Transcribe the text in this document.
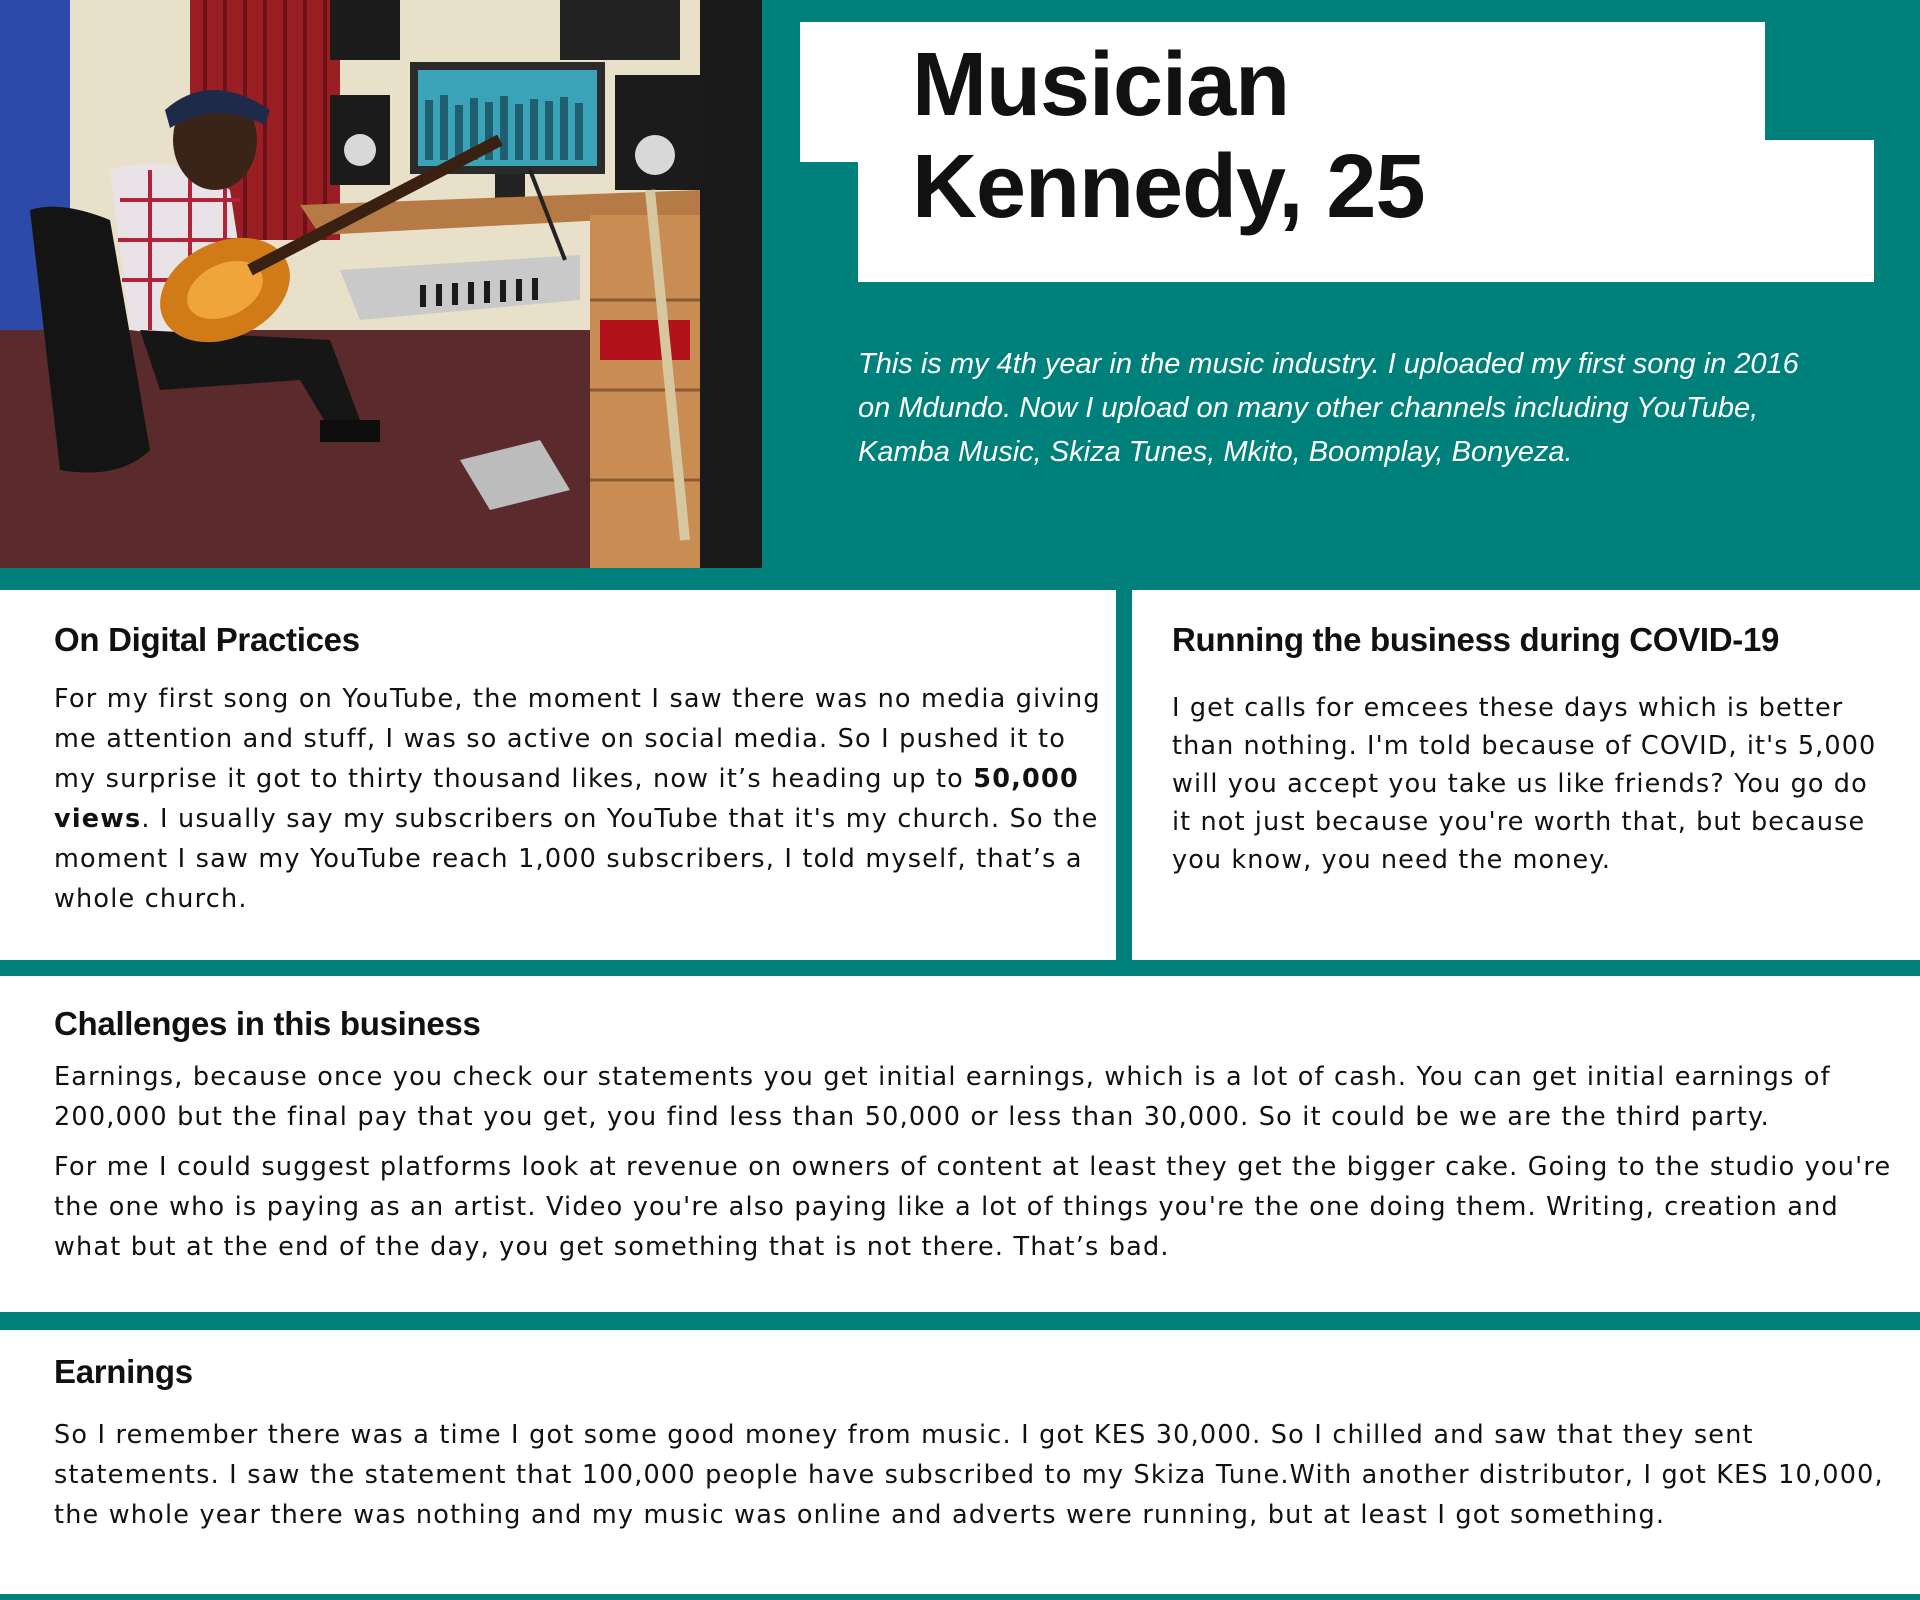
Musician
Kennedy, 25

This is my 4th year in the music industry. I uploaded my first song in 2016 on Mdundo. Now I upload on many other channels including YouTube, Kamba Music, Skiza Tunes, Mkito, Boomplay, Bonyeza.

On Digital Practices

For my first song on YouTube, the moment I saw there was no media giving me attention and stuff, I was so active on social media. So I pushed it to my surprise it got to thirty thousand likes, now it’s heading up to 50,000 views. I usually say my subscribers on YouTube that it's my church. So the moment I saw my YouTube reach 1,000 subscribers, I told myself, that’s a whole church.

Running the business during COVID-19

I get calls for emcees these days which is better than nothing. I'm told because of COVID, it's 5,000 will you accept you take us like friends? You go do it not just because you're worth that, but because you know, you need the money.

Challenges in this business

Earnings, because once you check our statements you get initial earnings, which is a lot of cash. You can get initial earnings of 200,000 but the final pay that you get, you find less than 50,000 or less than 30,000. So it could be we are the third party.

For me I could suggest platforms look at revenue on owners of content at least they get the bigger cake. Going to the studio you're the one who is paying as an artist. Video you're also paying like a lot of things you're the one doing them. Writing, creation and what but at the end of the day, you get something that is not there. That’s bad.

Earnings

So I remember there was a time I got some good money from music. I got KES 30,000. So I chilled and saw that they sent statements. I saw the statement that 100,000 people have subscribed to my Skiza Tune.With another distributor, I got KES 10,000, the whole year there was nothing and my music was online and adverts were running, but at least I got something.
